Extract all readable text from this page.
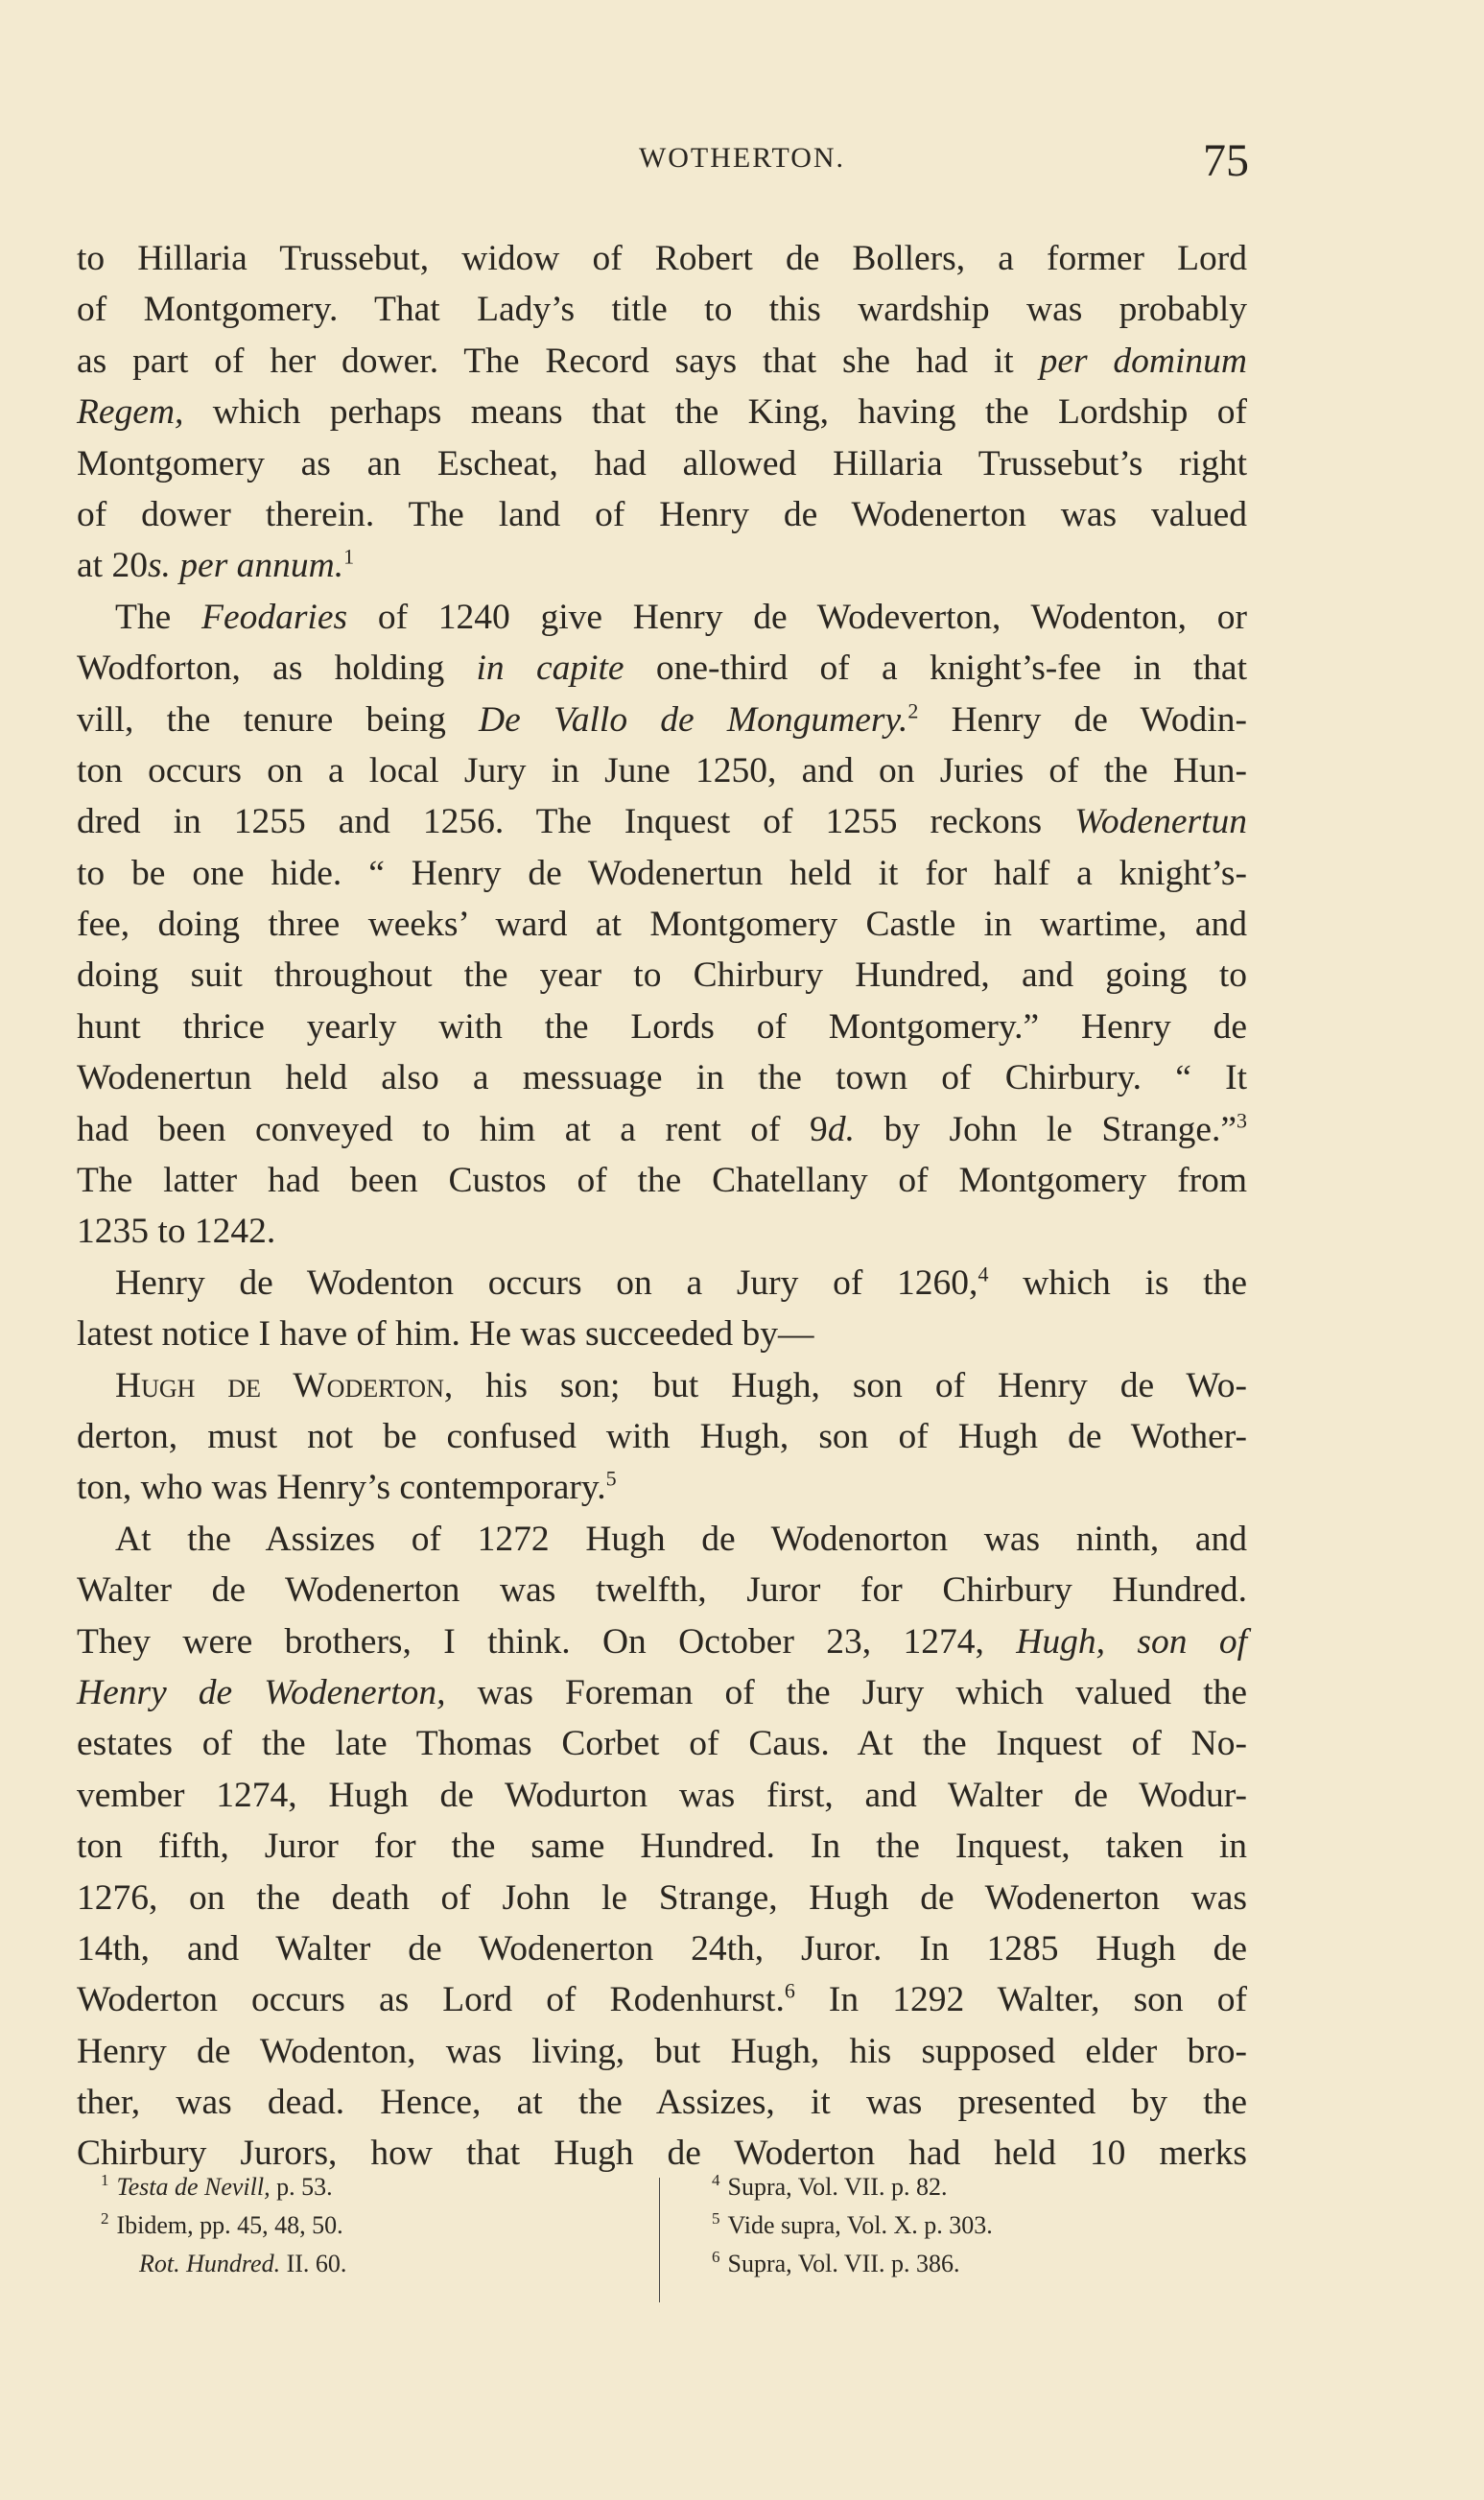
WOTHERTON.	75
to Hillaria Trussebut, widow of Robert de Bollers, a former Lord
of Montgomery. That Lady’s title to this wardship was probably
as part of her dower. The Record says that she had it per dominum
Regem, which perhaps means that the King, having the Lordship of
Montgomery as an Escheat, had allowed Hillaria Trussebut’s right
of dower therein. The land of Henry de Wodenerton was valued
at 20s. per annum.$^1$
The Feodaries of 1240 give Henry de Wodeverton, Wodenton, or
Wodforton, as holding in capite one-third of a knight’s-fee in that
vill, the tenure being De Vallo de Mongumery.$^2$ Henry de Wodin-
ton occurs on a local Jury in June 1250, and on Juries of the Hun-
dred in 1255 and 1256. The Inquest of 1255 reckons Wodenertun
to be one hide. “ Henry de Wodenertun held it for half a knight’s-
fee, doing three weeks’ ward at Montgomery Castle in wartime, and
doing suit throughout the year to Chirbury Hundred, and going to
hunt thrice yearly with the Lords of Montgomery.” Henry de
Wodenertun held also a messuage in the town of Chirbury. “ It
had been conveyed to him at a rent of 9d. by John le Strange.”$^3$
The latter had been Custos of the Chatellany of Montgomery from
1235 to 1242.
Henry de Wodenton occurs on a Jury of 1260,$^4$ which is the
latest notice I have of him. He was succeeded by—
Hugh de Woderton, his son; but Hugh, son of Henry de Wo-
derton, must not be confused with Hugh, son of Hugh de Wother-
ton, who was Henry’s contemporary.$^5$
At the Assizes of 1272 Hugh de Wodenorton was ninth, and
Walter de Wodenerton was twelfth, Juror for Chirbury Hundred.
They were brothers, I think. On October 23, 1274, Hugh, son of
Henry de Wodenerton, was Foreman of the Jury which valued the
estates of the late Thomas Corbet of Caus. At the Inquest of No-
vember 1274, Hugh de Wodurton was first, and Walter de Wodur-
ton fifth, Juror for the same Hundred. In the Inquest, taken in
1276, on the death of John le Strange, Hugh de Wodenerton was
14th, and Walter de Wodenerton 24th, Juror. In 1285 Hugh de
Woderton occurs as Lord of Rodenhurst.$^6$ In 1292 Walter, son of
Henry de Wodenton, was living, but Hugh, his supposed elder bro-
ther, was dead. Hence, at the Assizes, it was presented by the
Chirbury Jurors, how that Hugh de Woderton had held 10 merks
$^1$ Testa de Nevill, p. 53.
$^2$ Ibidem, pp. 45, 48, 50.
Rot. Hundred. II. 60.
$^4$ Supra, Vol. VII. p. 82.
$^5$ Vide supra, Vol. X. p. 303.
$^6$ Supra, Vol. VII. p. 386.
